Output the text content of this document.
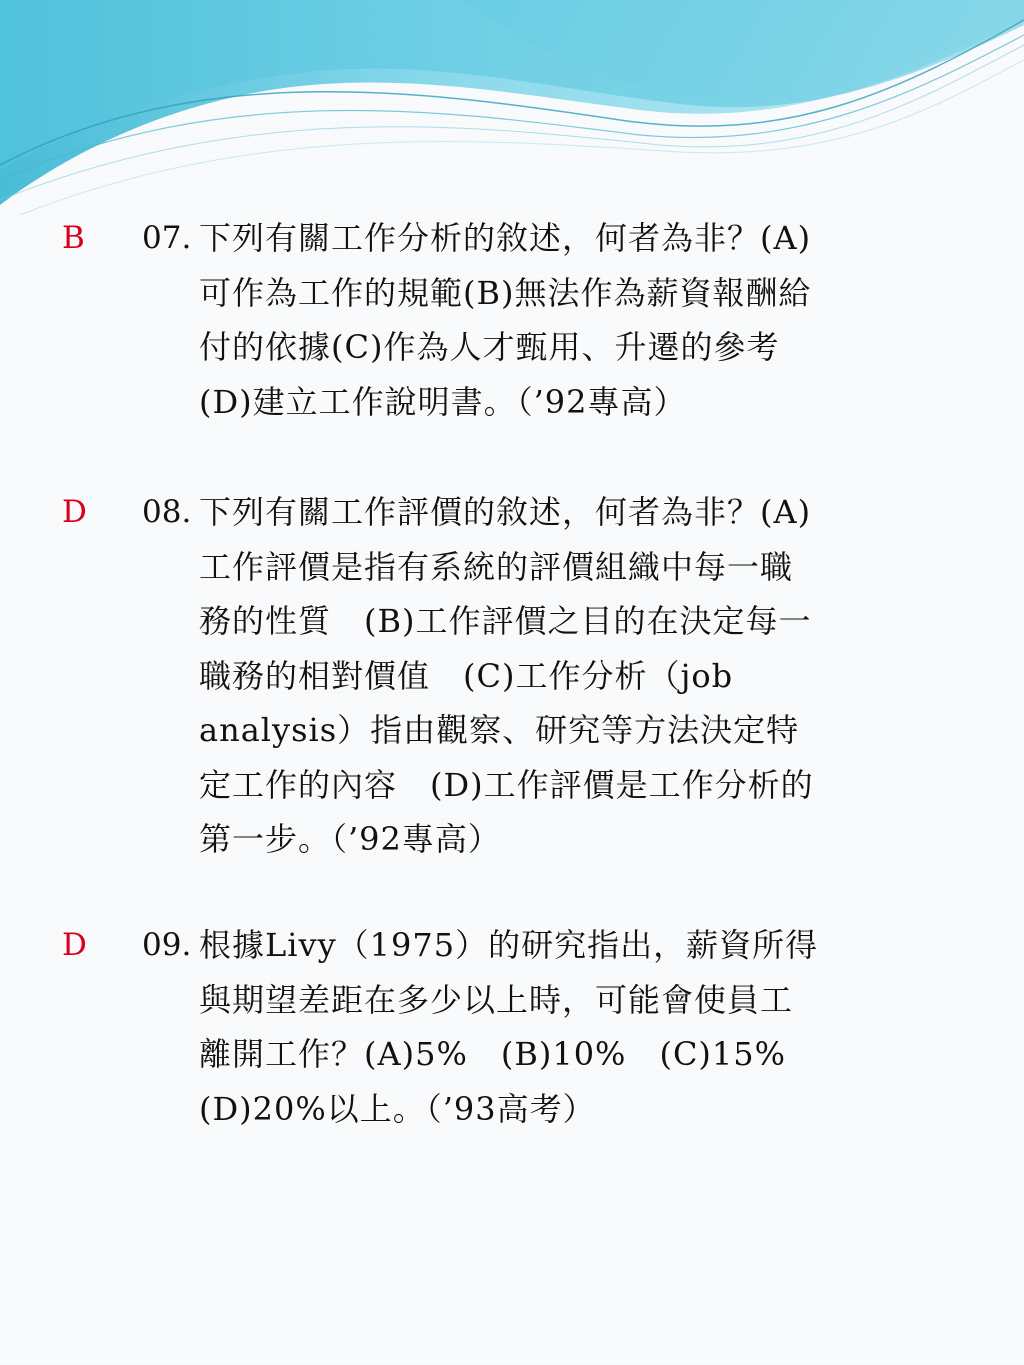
B 07. 下列有關工作分析的敘述，何者為非？(A)
可作為工作的規範(B)無法作為薪資報酬給
付的依據(C)作為人才甄用、升遷的參考
(D)建立工作說明書。（’92專高）
D 08. 下列有關工作評價的敘述，何者為非？(A)
工作評價是指有系統的評價組織中每一職
務的性質　(B)工作評價之目的在決定每一
職務的相對價值　(C)工作分析（job
analysis）指由觀察、研究等方法決定特
定工作的內容　(D)工作評價是工作分析的
第一步。（’92專高）
D 09. 根據Livy（1975）的研究指出，薪資所得
與期望差距在多少以上時，可能會使員工
離開工作？(A)5%　(B)10%　(C)15%
(D)20%以上。（’93高考）
